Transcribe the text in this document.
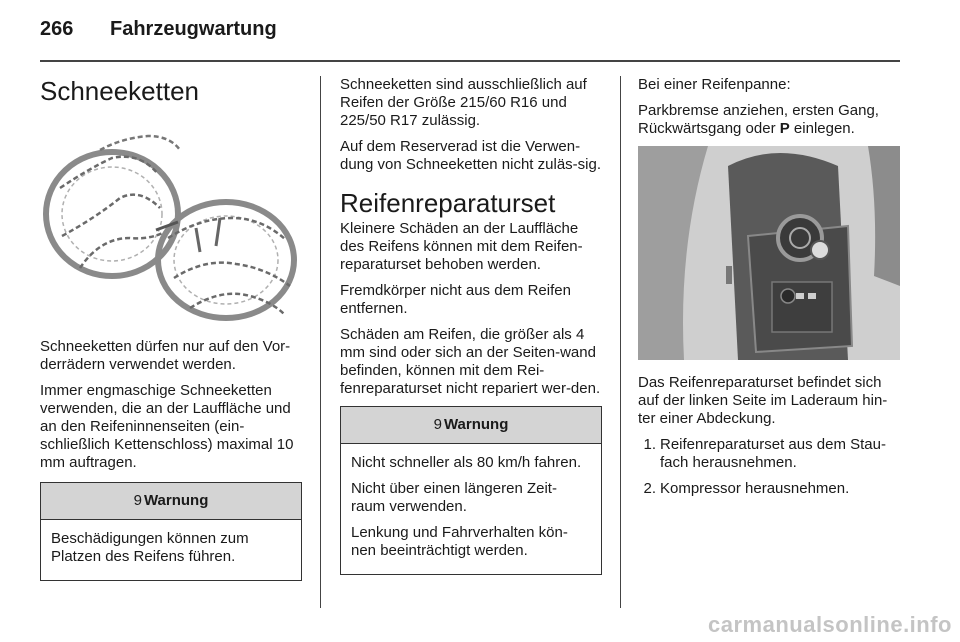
266 Fahrzeugwartung
Schneeketten

Schneeketten dürfen nur auf den Vor-derrädern verwendet werden.

Immer engmaschige Schneeketten verwenden, die an der Lauffläche und an den Reifeninnenseiten (ein-schließlich Kettenschloss) maximal 10 mm auftragen.

9 Warnung

Beschädigungen können zum Platzen des Reifens führen.

Schneeketten sind ausschließlich auf Reifen der Größe 215/60 R16 und 225/50 R17 zulässig.

Auf dem Reserverad ist die Verwen-dung von Schneeketten nicht zuläs-sig.

Reifenreparaturset

Kleinere Schäden an der Lauffläche des Reifens können mit dem Reifen-reparaturset behoben werden.

Fremdkörper nicht aus dem Reifen entfernen.

Schäden am Reifen, die größer als 4 mm sind oder sich an der Seiten-wand befinden, können mit dem Rei-fenreparaturset nicht repariert wer-den.

9 Warnung

Nicht schneller als 80 km/h fahren.

Nicht über einen längeren Zeit-raum verwenden.

Lenkung und Fahrverhalten kön-nen beeinträchtigt werden.

Bei einer Reifenpanne:

Parkbremse anziehen, ersten Gang, Rückwärtsgang oder P einlegen.

Das Reifenreparaturset befindet sich auf der linken Seite im Laderaum hin-ter einer Abdeckung.

1. Reifenreparaturset aus dem Stau-fach herausnehmen.
2. Kompressor herausnehmen.
carmanualsonline.info
